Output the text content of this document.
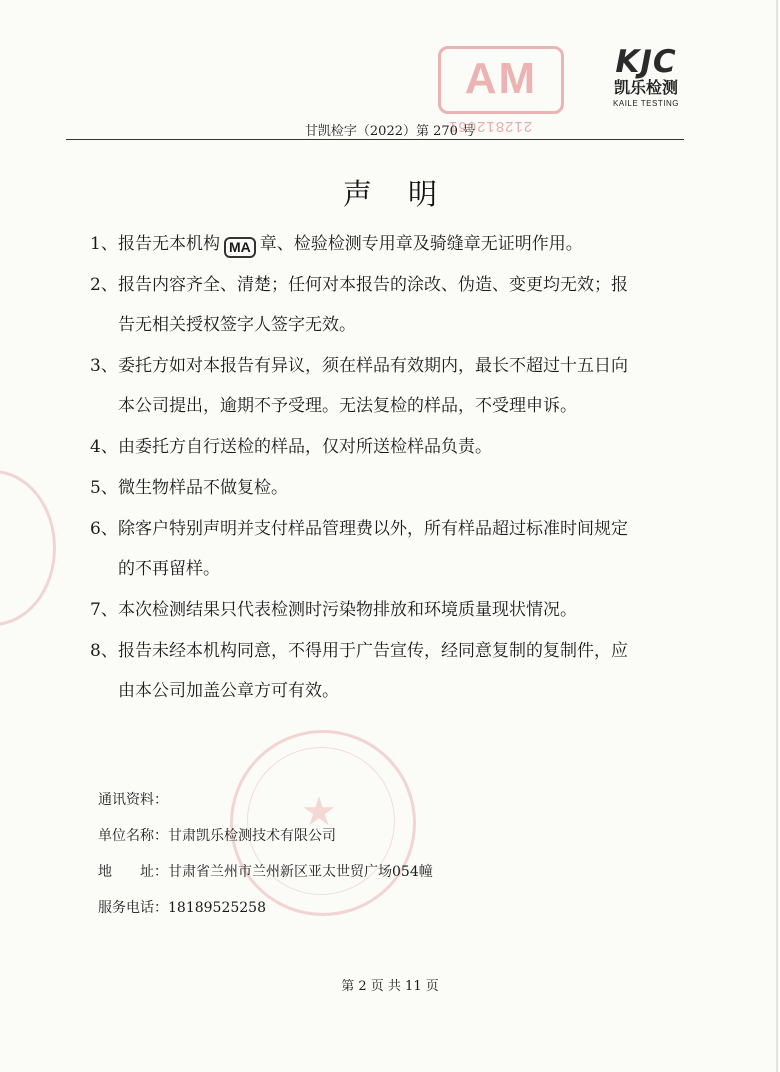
★
AM
212812061
KJC
凯乐检测
KAILE TESTING
甘凯检字（2022）第 270 号
声明
1、报告无本机构 MA 章、检验检测专用章及骑缝章无证明作用。
2、报告内容齐全、清楚；任何对本报告的涂改、伪造、变更均无效；报
告无相关授权签字人签字无效。
3、委托方如对本报告有异议，须在样品有效期内，最长不超过十五日向
本公司提出，逾期不予受理。无法复检的样品，不受理申诉。
4、由委托方自行送检的样品，仅对所送检样品负责。
5、微生物样品不做复检。
6、除客户特别声明并支付样品管理费以外，所有样品超过标准时间规定
的不再留样。
7、本次检测结果只代表检测时污染物排放和环境质量现状情况。
8、报告未经本机构同意，不得用于广告宣传，经同意复制的复制件，应
由本公司加盖公章方可有效。
通讯资料：
单位名称：甘肃凯乐检测技术有限公司
地　　址：甘肃省兰州市兰州新区亚太世贸广场054幢
服务电话：18189525258
第 2 页 共 11 页
